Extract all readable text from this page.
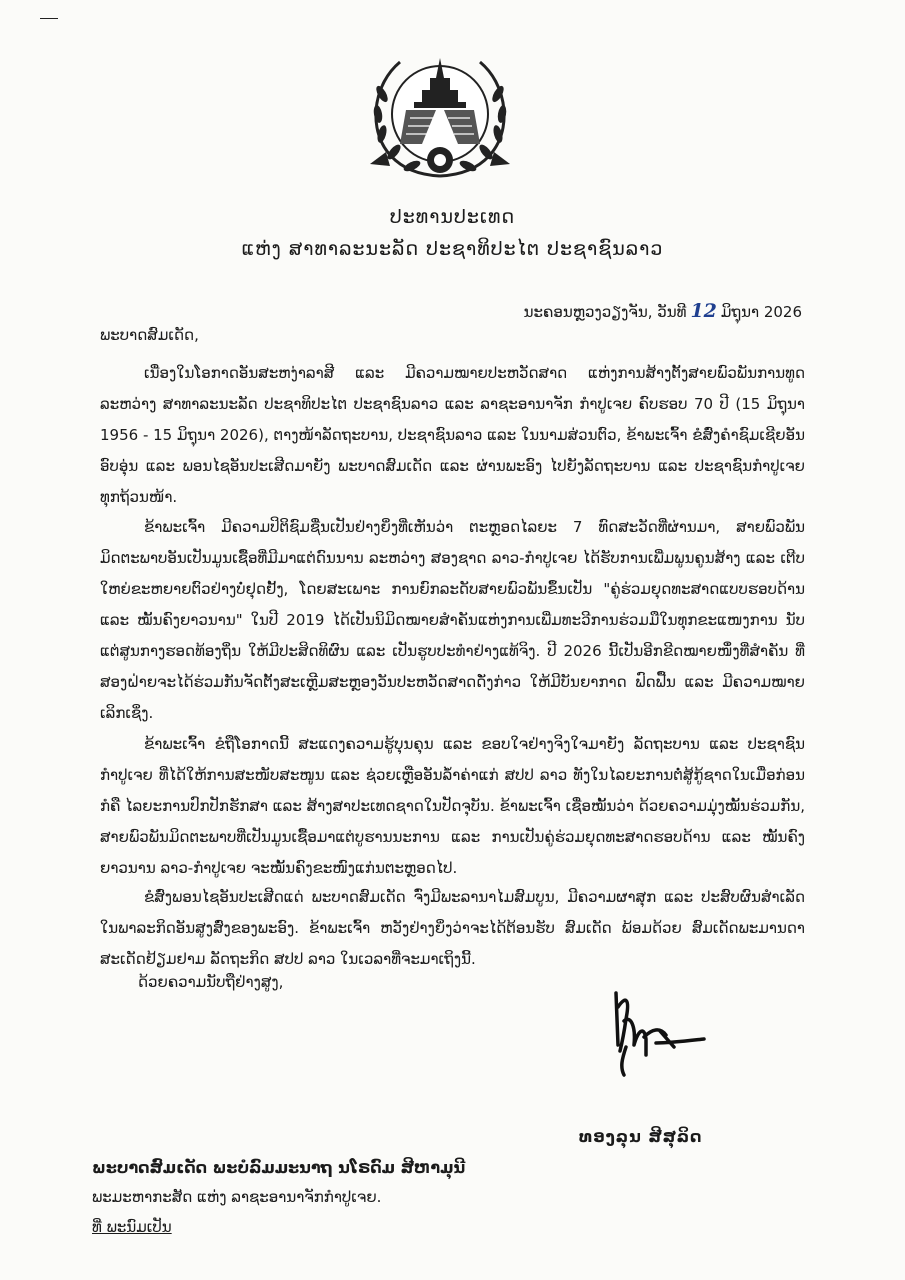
ປະທານປະເທດ
ແຫ່ງ ສາທາລະນະລັດ ປະຊາທິປະໄຕ ປະຊາຊົນລາວ
ນະຄອນຫຼວງວຽງຈັນ, ວັນທີ 12 ມິຖຸນາ 2026
ພະບາດສົມເດັດ,

ເນື່ອງໃນໂອກາດອັນສະຫງ່າລາສີ ແລະ ມີຄວາມໝາຍປະຫວັດສາດ ແຫ່ງການສ້າງຕັ້ງສາຍພົວພັນການທູດ ລະຫວ່າງ ສາທາລະນະລັດ ປະຊາທິປະໄຕ ປະຊາຊົນລາວ ແລະ ລາຊະອານາຈັກ ກຳປູເຈຍ ຄົບຮອບ 70 ປີ (15 ມິຖຸນາ 1956 - 15 ມິຖຸນາ 2026), ຕາງໜ້າລັດຖະບານ, ປະຊາຊົນລາວ ແລະ ໃນນາມສ່ວນຕົວ, ຂ້າພະເຈົ້າ ຂໍສົ່ງຄຳຊົມເຊີຍອັນອົບອຸ່ນ ແລະ ພອນໄຊອັນປະເສີດມາຍັງ ພະບາດສົມເດັດ ແລະ ຜ່ານພະອົງ ໄປຍັງລັດຖະບານ ແລະ ປະຊາຊົນກຳປູເຈຍ ທຸກຖ້ວນໜ້າ.

ຂ້າພະເຈົ້າ ມີຄວາມປິຕິຊົມຊື່ນເປັນຢ່າງຍິ່ງທີ່ເຫັນວ່າ ຕະຫຼອດໄລຍະ 7 ທົດສະວັດທີ່ຜ່ານມາ, ສາຍພົວພັນມິດຕະພາບອັນເປັນມູນເຊື້ອທີ່ມີມາແຕ່ດົນນານ ລະຫວ່າງ ສອງຊາດ ລາວ-ກຳປູເຈຍ ໄດ້ຮັບການເພີ່ມພູນຄູນສ້າງ ແລະ ເຕີບໃຫຍ່ຂະຫຍາຍຕົວຢ່າງບໍ່ຢຸດຢັ້ງ, ໂດຍສະເພາະ ການຍົກລະດັບສາຍພົວພັນຂຶ້ນເປັນ "ຄູ່ຮ່ວມຍຸດທະສາດແບບຮອບດ້ານ ແລະ ໝັ້ນຄົງຍາວນານ" ໃນປີ 2019 ໄດ້ເປັນນິມິດໝາຍສຳຄັນແຫ່ງການເພີ່ມທະວີການຮ່ວມມືໃນທຸກຂະແໜງການ ນັບແຕ່ສູນກາງຮອດທ້ອງຖິ່ນ ໃຫ້ມີປະສິດທິຜົນ ແລະ ເປັນຮູບປະທຳຢ່າງແທ້ຈິງ. ປີ 2026 ນີ້ເປັນອີກຂີດໝາຍໜຶ່ງທີ່ສຳຄັນ ທີ່ສອງຝ່າຍຈະໄດ້ຮ່ວມກັນຈັດຕັ້ງສະເຫຼີມສະຫຼອງວັນປະຫວັດສາດດັ່ງກ່າວ ໃຫ້ມີບັນຍາກາດ ຟົດຟື້ນ ແລະ ມີຄວາມໝາຍເລິກເຊິ່ງ.

ຂ້າພະເຈົ້າ ຂໍຖືໂອກາດນີ້ ສະແດງຄວາມຮູ້ບຸນຄຸນ ແລະ ຂອບໃຈຢ່າງຈິງໃຈມາຍັງ ລັດຖະບານ ແລະ ປະຊາຊົນກຳປູເຈຍ ທີ່ໄດ້ໃຫ້ການສະໜັບສະໜູນ ແລະ ຊ່ວຍເຫຼືອອັນລ້ຳຄ່າແກ່ ສປປ ລາວ ທັງໃນໄລຍະການຕໍ່ສູ້ກູ້ຊາດໃນເມື່ອກ່ອນ ກໍຄື ໄລຍະການປົກປັກຮັກສາ ແລະ ສ້າງສາປະເທດຊາດໃນປັດຈຸບັນ. ຂ້າພະເຈົ້າ ເຊື່ອໝັ້ນວ່າ ດ້ວຍຄວາມມຸ່ງໝັ້ນຮ່ວມກັນ, ສາຍພົວພັນມິດຕະພາບທີ່ເປັນມູນເຊື້ອມາແຕ່ບູຮານນະການ ແລະ ການເປັນຄູ່ຮ່ວມຍຸດທະສາດຮອບດ້ານ ແລະ ໝັ້ນຄົງ ຍາວນານ ລາວ-ກຳປູເຈຍ ຈະໝັ້ນຄົງຂະໜົງແກ່ນຕະຫຼອດໄປ.

ຂໍສົ່ງພອນໄຊອັນປະເສີດແດ່ ພະບາດສົມເດັດ ຈົ່ງມີພະລານາໄມສົມບູນ, ມີຄວາມຜາສຸກ ແລະ ປະສົບຜົນສຳເລັດໃນພາລະກິດອັນສູງສົ່ງຂອງພະອົງ. ຂ້າພະເຈົ້າ ຫວັງຢ່າງຍິ່ງວ່າຈະໄດ້ຕ້ອນຮັບ ສົມເດັດ ພ້ອມດ້ວຍ ສົມເດັດພະມານດາ ສະເດັດຢ້ຽມຢາມ ລັດຖະກິດ ສປປ ລາວ ໃນເວລາທີ່ຈະມາເຖິງນີ້.

ດ້ວຍຄວາມນັບຖືຢ່າງສູງ,
ທອງລຸນ ສີສຸລິດ
ພະບາດສົມເດັດ ພະບໍລົມມະນາຖ ນໂຣດົມ ສີຫາມຸນີ
ພະມະຫາກະສັດ ແຫ່ງ ລາຊະອານາຈັກກຳປູເຈຍ.
ທີ່ ພະນົມເປັນ
